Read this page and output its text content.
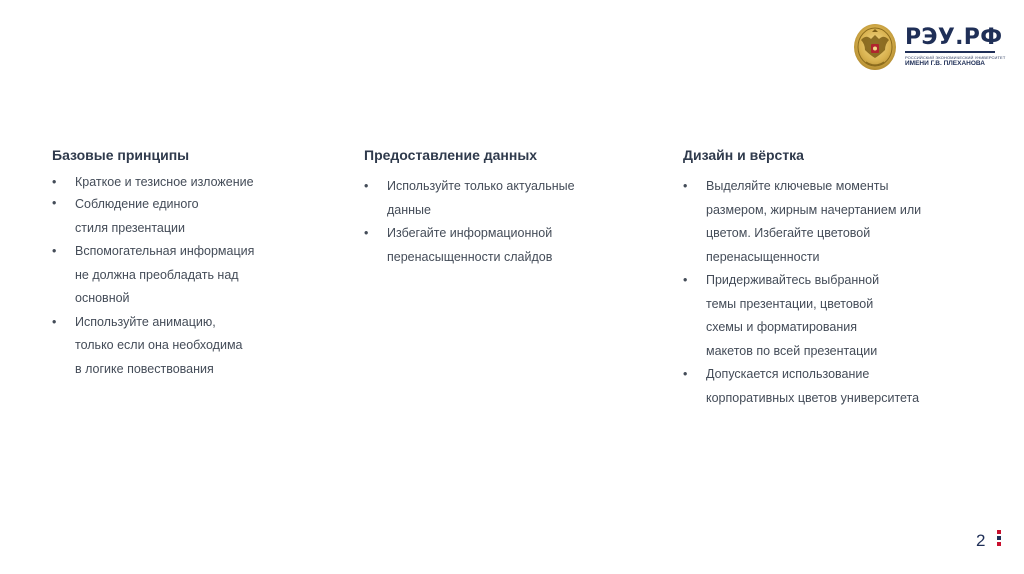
РЭУ.РФ
РОССИЙСКИЙ ЭКОНОМИЧЕСКИЙ УНИВЕРСИТЕТ
ИМЕНИ Г.В. ПЛЕХАНОВА
Базовые принципы
• Краткое и тезисное изложение
• Соблюдение единого
стиля презентации
• Вспомогательная информация
не должна преобладать над
основной
• Используйте анимацию,
только если она необходима
в логике повествования
Предоставление данных
• Используйте только актуальные
данные
• Избегайте информационной
перенасыщенности слайдов
Дизайн и вёрстка
• Выделяйте ключевые моменты
размером, жирным начертанием или
цветом. Избегайте цветовой
перенасыщенности
• Придерживайтесь выбранной
темы презентации, цветовой
схемы и форматирования
макетов по всей презентации
• Допускается использование
корпоративных цветов университета
2
